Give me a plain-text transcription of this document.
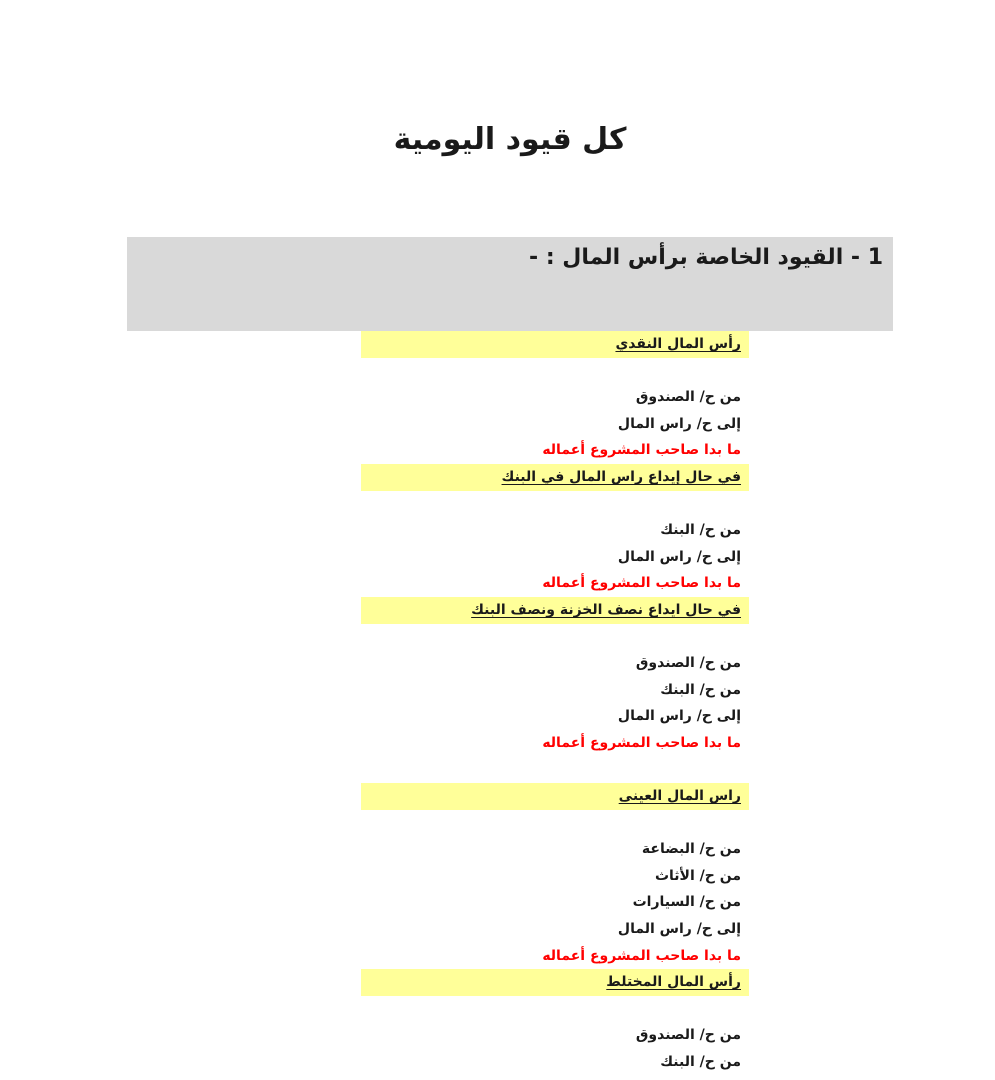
كل قيود اليومية
1 - القيود الخاصة برأس المال : -
رأس المال النقدي
من ح/ الصندوق
إلى ح/ راس المال
ما بدا صاحب المشروع أعماله
في حال إيداع راس المال في البنك
من ح/ البنك
إلى ح/ راس المال
ما بدا صاحب المشروع أعماله
في حال ايداع نصف الخزنة ونصف البنك
من ح/ الصندوق
من ح/ البنك
إلى ح/ راس المال
ما بدا صاحب المشروع أعماله
راس المال العينى
من ح/ البضاعة
من ح/ الأثاث
من ح/ السيارات
إلى ح/ راس المال
ما بدا صاحب المشروع أعماله
رأس المال المختلط
من ح/ الصندوق
من ح/ البنك
